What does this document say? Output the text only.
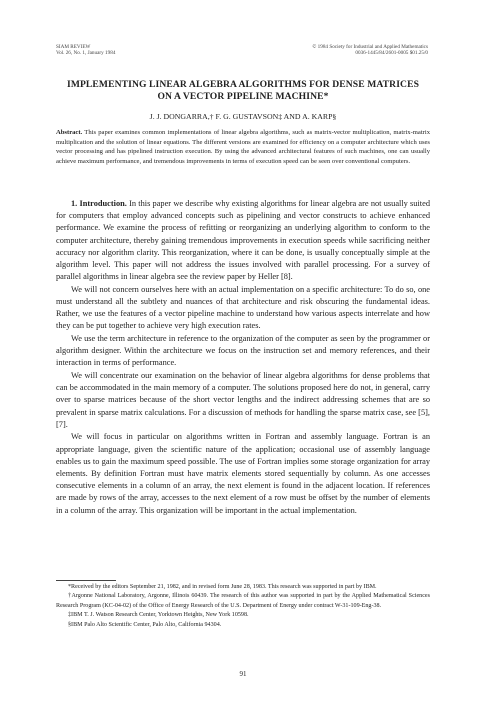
SIAM REVIEW
Vol. 26, No. 1, January 1984
© 1984 Society for Industrial and Applied Mathematics
0036-1445/84/2601-0005 $01.25/0
IMPLEMENTING LINEAR ALGEBRA ALGORITHMS FOR DENSE MATRICES
ON A VECTOR PIPELINE MACHINE*
J. J. DONGARRA,† F. G. GUSTAVSON‡ AND A. KARP§
Abstract. This paper examines common implementations of linear algebra algorithms, such as matrix-vector multiplication, matrix-matrix multiplication and the solution of linear equations. The different versions are examined for efficiency on a computer architecture which uses vector processing and has pipelined instruction execution. By using the advanced architectural features of such machines, one can usually achieve maximum performance, and tremendous improvements in terms of execution speed can be seen over conventional computers.

1. Introduction. In this paper we describe why existing algorithms for linear algebra are not usually suited for computers that employ advanced concepts such as pipelining and vector constructs to achieve enhanced performance. We examine the process of refitting or reorganizing an underlying algorithm to conform to the computer architecture, thereby gaining tremendous improvements in execution speeds while sacrificing neither accuracy nor algorithm clarity. This reorganization, where it can be done, is usually conceptually simple at the algorithm level. This paper will not address the issues involved with parallel processing. For a survey of parallel algorithms in linear algebra see the review paper by Heller [8].

We will not concern ourselves here with an actual implementation on a specific architecture: To do so, one must understand all the subtlety and nuances of that architecture and risk obscuring the fundamental ideas. Rather, we use the features of a vector pipeline machine to understand how various aspects interrelate and how they can be put together to achieve very high execution rates.

We use the term architecture in reference to the organization of the computer as seen by the programmer or algorithm designer. Within the architecture we focus on the instruction set and memory references, and their interaction in terms of performance.

We will concentrate our examination on the behavior of linear algebra algorithms for dense problems that can be accommodated in the main memory of a computer. The solutions proposed here do not, in general, carry over to sparse matrices because of the short vector lengths and the indirect addressing schemes that are so prevalent in sparse matrix calculations. For a discussion of methods for handling the sparse matrix case, see [5], [7].

We will focus in particular on algorithms written in Fortran and assembly language. Fortran is an appropriate language, given the scientific nature of the application; occasional use of assembly language enables us to gain the maximum speed possible. The use of Fortran implies some storage organization for array elements. By definition Fortran must have matrix elements stored sequentially by column. As one accesses consecutive elements in a column of an array, the next element is found in the adjacent location. If references are made by rows of the array, accesses to the next element of a row must be offset by the number of elements in a column of the array. This organization will be important in the actual implementation.

*Received by the editors September 21, 1982, and in revised form June 28, 1983. This research was supported in part by IBM.

†Argonne National Laboratory, Argonne, Illinois 60439. The research of this author was supported in part by the Applied Mathematical Sciences Research Program (KC-04-02) of the Office of Energy Research of the U.S. Department of Energy under contract W-31-109-Eng-38.

‡IBM T. J. Watson Research Center, Yorktown Heights, New York 10598.

§IBM Palo Alto Scientific Center, Palo Alto, California 94304.

91
